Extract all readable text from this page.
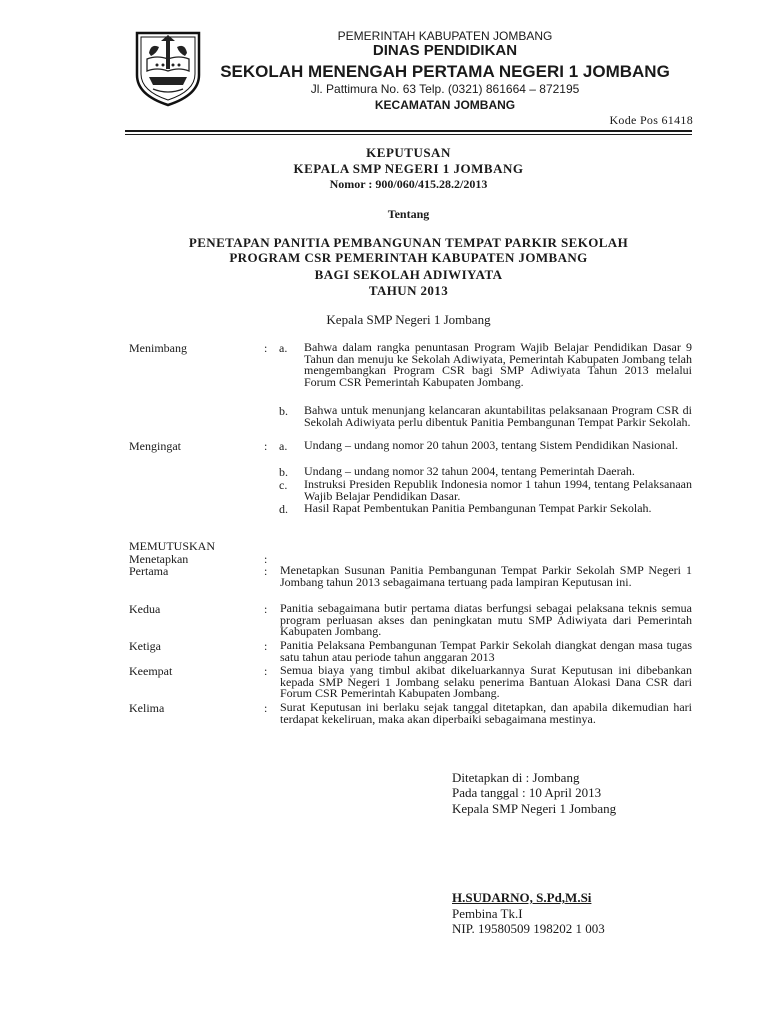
PEMERINTAH KABUPATEN JOMBANG
DINAS PENDIDIKAN
SEKOLAH MENENGAH PERTAMA NEGERI 1 JOMBANG
Jl. Pattimura No. 63 Telp. (0321) 861664 – 872195
KECAMATAN JOMBANG
Kode Pos 61418
KEPUTUSAN
KEPALA SMP NEGERI 1 JOMBANG
Nomor : 900/060/415.28.2/2013
Tentang
PENETAPAN PANITIA PEMBANGUNAN TEMPAT PARKIR SEKOLAH
PROGRAM CSR PEMERINTAH KABUPATEN JOMBANG
BAGI SEKOLAH ADIWIYATA
TAHUN 2013
Kepala SMP Negeri 1 Jombang
Menimbang	: a. Bahwa dalam rangka penuntasan Program Wajib Belajar Pendidikan Dasar 9 Tahun dan menuju ke Sekolah Adiwiyata, Pemerintah Kabupaten Jombang telah mengembangkan Program CSR bagi SMP Adiwiyata Tahun 2013 melalui Forum CSR Pemerintah Kabupaten Jombang.
b. Bahwa untuk menunjang kelancaran akuntabilitas pelaksanaan Program CSR di Sekolah Adiwiyata perlu dibentuk Panitia Pembangunan Tempat Parkir Sekolah.
Mengingat	: a. Undang – undang nomor 20 tahun 2003, tentang Sistem Pendidikan Nasional.
b. Undang – undang nomor 32 tahun 2004, tentang Pemerintah Daerah.
c. Instruksi Presiden Republik Indonesia nomor 1 tahun 1994, tentang Pelaksanaan Wajib Belajar Pendidikan Dasar.
d. Hasil Rapat Pembentukan Panitia Pembangunan Tempat Parkir Sekolah.
MEMUTUSKAN
Menetapkan	:
Pertama	: Menetapkan Susunan Panitia Pembangunan Tempat Parkir Sekolah SMP Negeri 1 Jombang tahun 2013 sebagaimana tertuang pada lampiran Keputusan ini.
Kedua	: Panitia sebagaimana butir pertama diatas berfungsi sebagai pelaksana teknis semua program perluasan akses dan peningkatan mutu SMP Adiwiyata dari Pemerintah Kabupaten Jombang.
Ketiga	: Panitia Pelaksana Pembangunan Tempat Parkir Sekolah diangkat dengan masa tugas satu tahun atau periode tahun anggaran 2013
Keempat	: Semua biaya yang timbul akibat dikeluarkannya Surat Keputusan ini dibebankan kepada SMP Negeri 1 Jombang selaku penerima Bantuan Alokasi Dana CSR dari Forum CSR Pemerintah Kabupaten Jombang.
Kelima	: Surat Keputusan ini berlaku sejak tanggal ditetapkan, dan apabila dikemudian hari terdapat kekeliruan, maka akan diperbaiki sebagaimana mestinya.
Ditetapkan di : Jombang
Pada tanggal : 10 April 2013
Kepala SMP Negeri 1 Jombang
H.SUDARNO, S.Pd,M.Si
Pembina Tk.I
NIP. 19580509 198202 1 003
